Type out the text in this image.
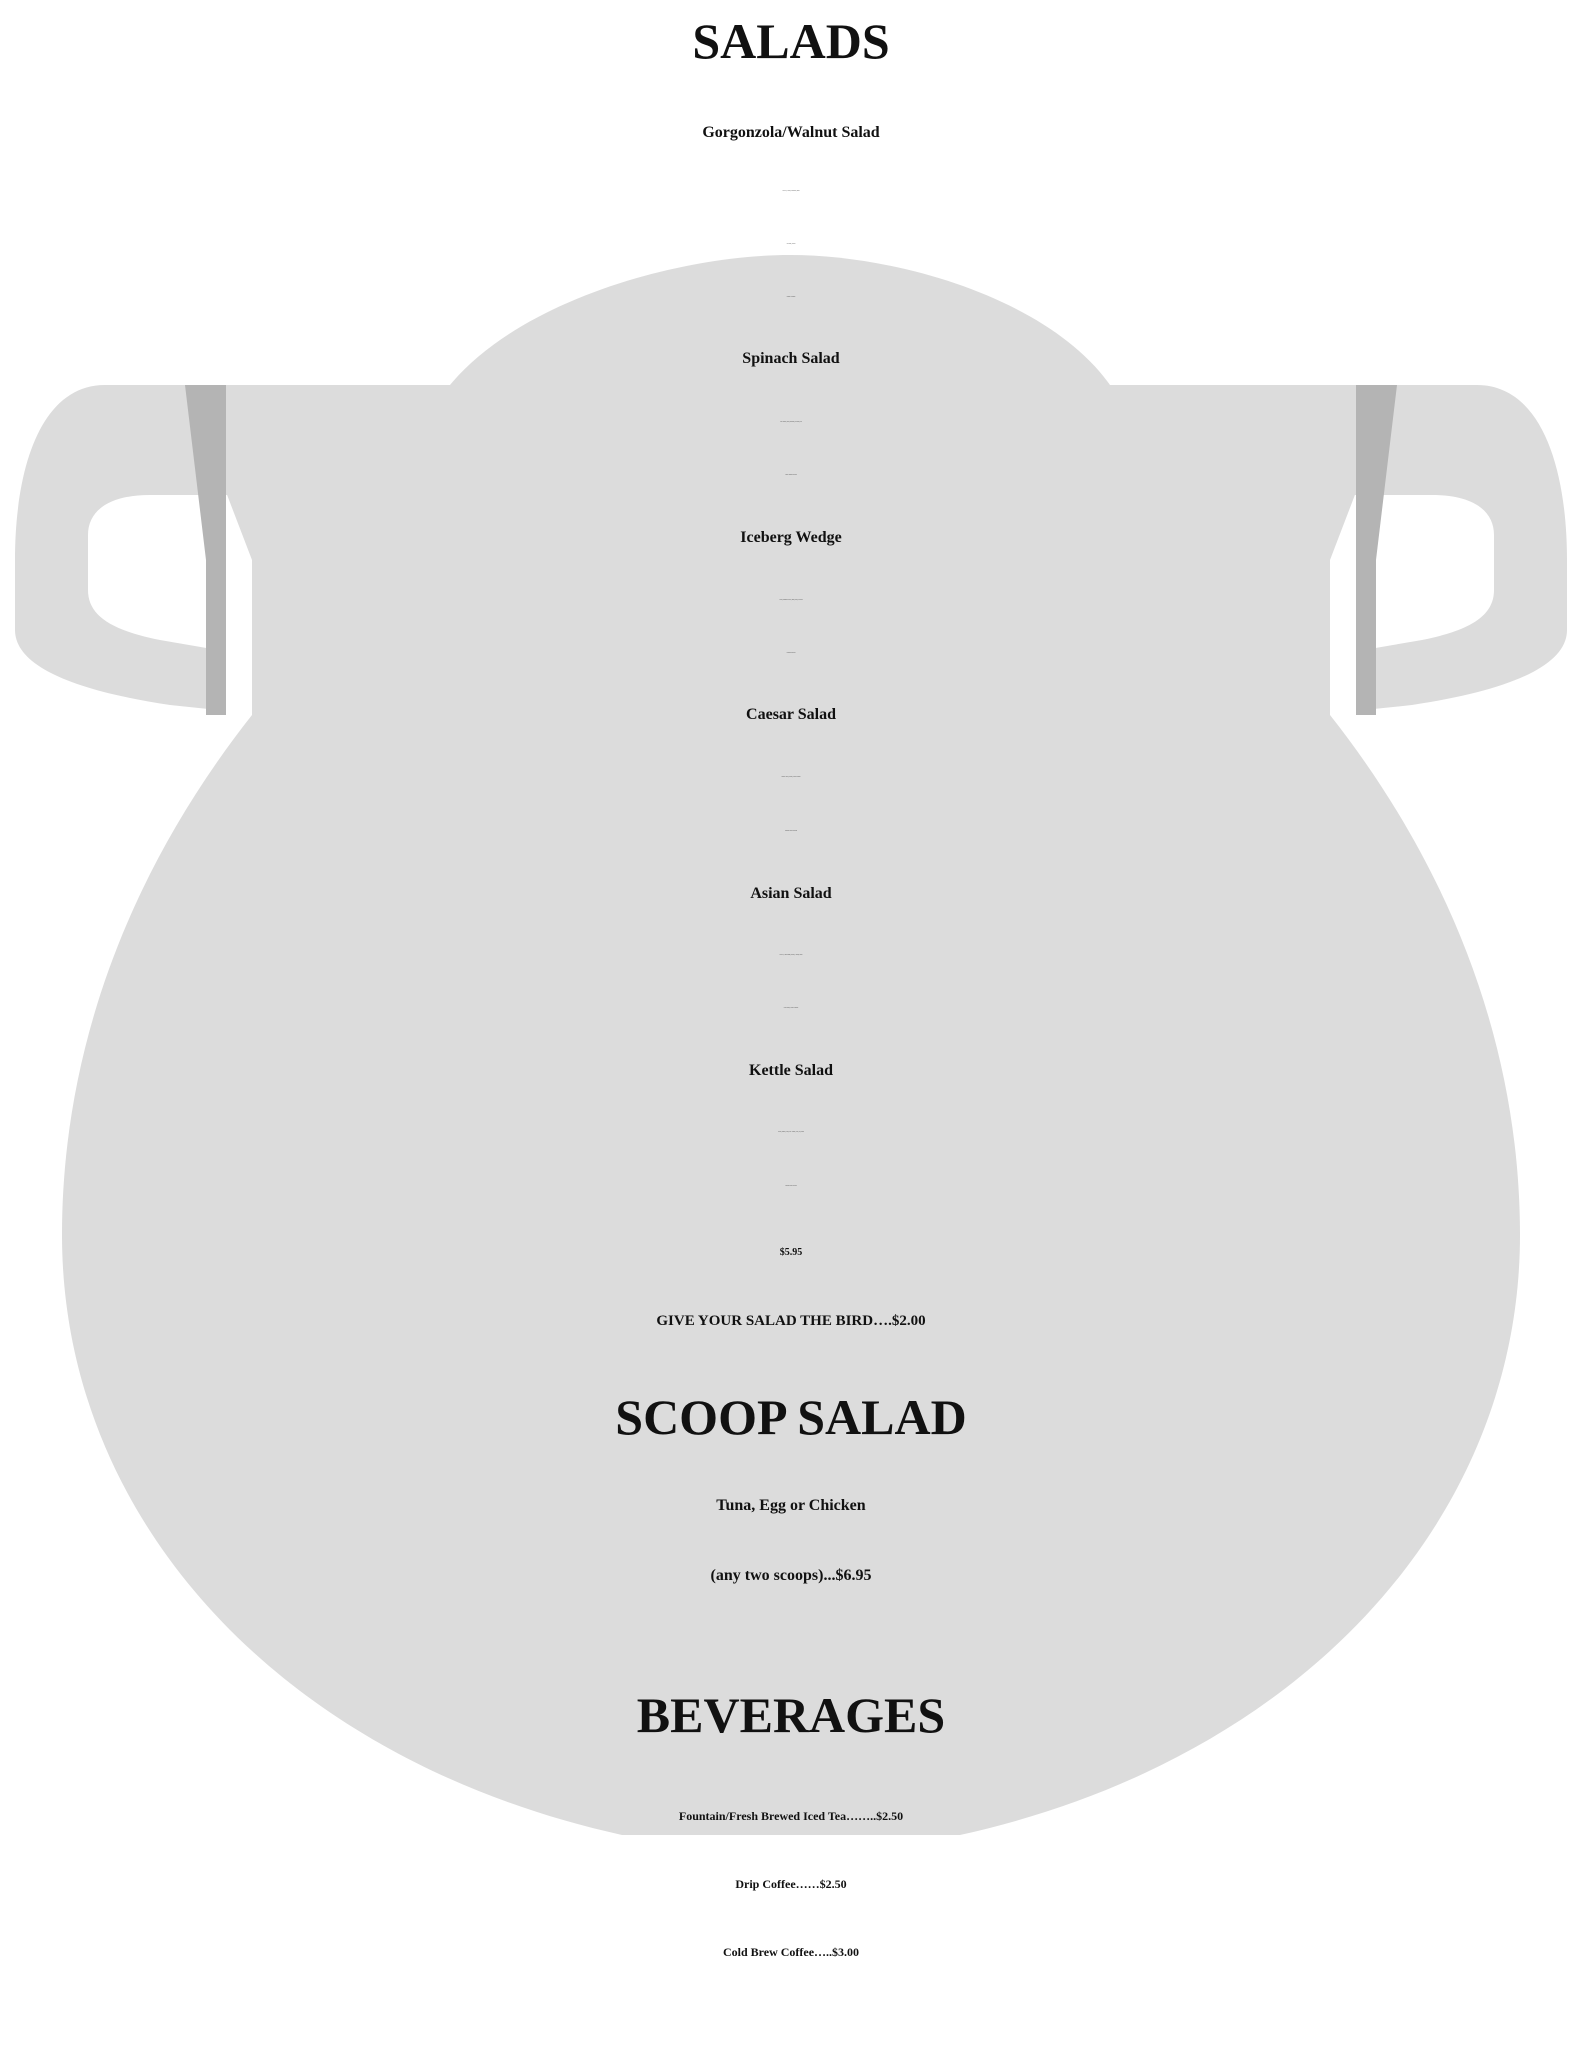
SALADS
Gorgonzola/Walnut Salad
Kettle Mix, Walnuts, Gorgonzola, Tomato
Red Onion, Scallions
Balsamic Vinaigrette
Spinach Salad
Baby Spinach, Bacon, Mushrooms, Red Onion, Egg
Bacon Vinaigrette Dressing
Iceberg Wedge
Iceberg, Gorgonzola Cheese, Tomato, Bacon, Red Onion
Gorgonzola Dressing
Caesar Salad
Romaine Hearts, Croutons, Shaved Parmesan
Traditional Caesar Dressings
Asian Salad
Kettle Mix, Napa Cabbage, Scallions, Almonds, Carrots
Crispy noodles, Sesame Vinaigrette
Kettle Salad
Iceberg, Romaine, Fennel, Baby Arugula, Frisee, Mint, Radish
Buttermilk Ranch Dressing
$5.95
GIVE YOUR SALAD THE BIRD….$2.00
SCOOP SALAD
Tuna, Egg or Chicken
(any two scoops)...$6.95
BEVERAGES
Fountain/Fresh Brewed Iced Tea……..$2.50
Drip Coffee……$2.50
Cold Brew Coffee…..$3.00
